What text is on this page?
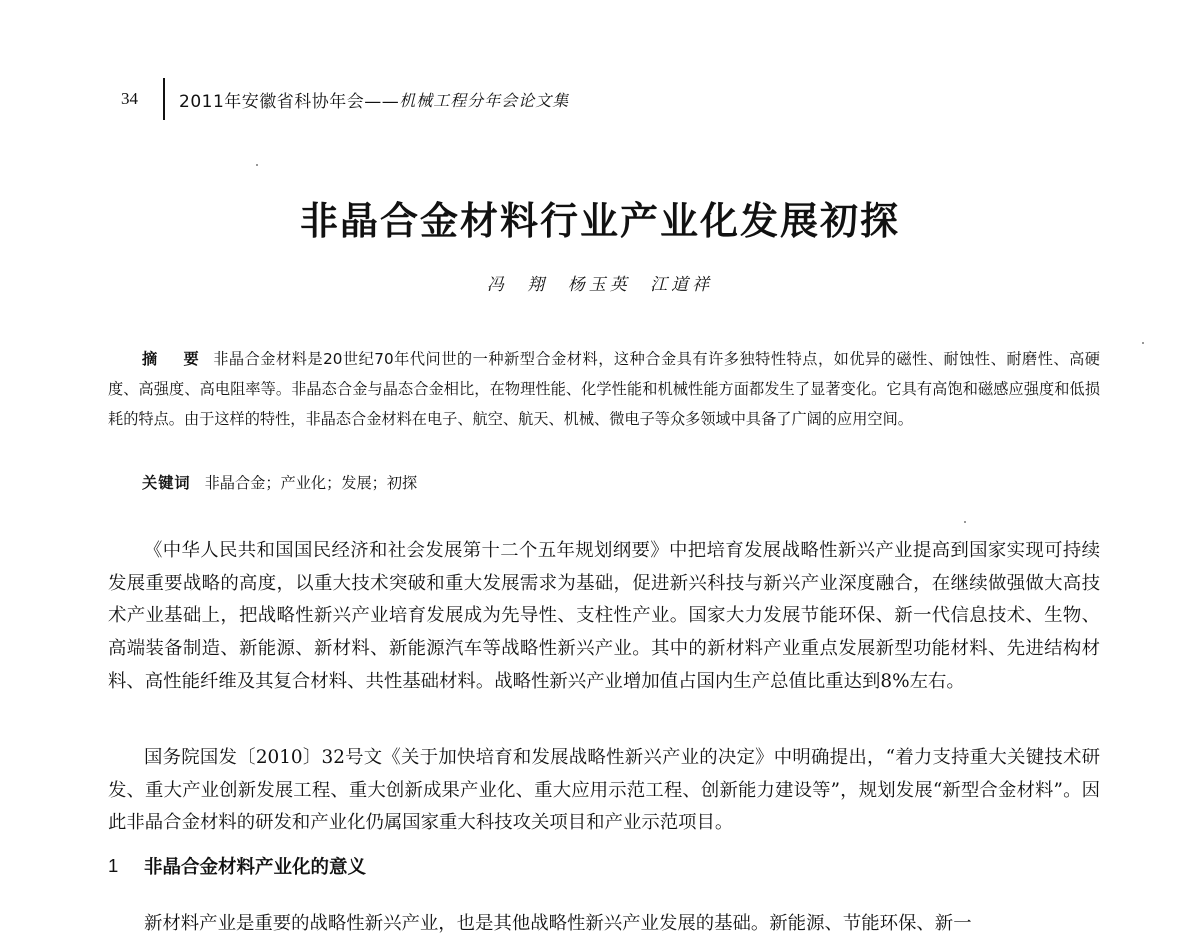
34	2011年安徽省科协年会—— 机械工程分年会论文集
非晶合金材料行业产业化发展初探
冯 翔 杨玉英 江道祥

摘 要 非晶合金材料是20世纪70年代问世的一种新型合金材料，这种合金具有许多独特性特点，如优异的磁性、耐蚀性、耐磨性、高硬度、高强度、高电阻率等。非晶态合金与晶态合金相比，在物理性能、化学性能和机械性能方面都发生了显著变化。它具有高饱和磁感应强度和低损耗的特点。由于这样的特性，非晶态合金材料在电子、航空、航天、机械、微电子等众多领域中具备了广阔的应用空间。

关键词 非晶合金；产业化；发展；初探

《中华人民共和国国民经济和社会发展第十二个五年规划纲要》中把培育发展战略性新兴产业提高到国家实现可持续发展重要战略的高度，以重大技术突破和重大发展需求为基础，促进新兴科技与新兴产业深度融合，在继续做强做大高技术产业基础上，把战略性新兴产业培育发展成为先导性、支柱性产业。国家大力发展节能环保、新一代信息技术、生物、高端装备制造、新能源、新材料、新能源汽车等战略性新兴产业。其中的新材料产业重点发展新型功能材料、先进结构材料、高性能纤维及其复合材料、共性基础材料。战略性新兴产业增加值占国内生产总值比重达到8%左右。

国务院国发〔2010〕32号文《关于加快培育和发展战略性新兴产业的决定》中明确提出，“着力支持重大关键技术研发、重大产业创新发展工程、重大创新成果产业化、重大应用示范工程、创新能力建设等”，规划发展“新型合金材料”。因此非晶合金材料的研发和产业化仍属国家重大科技攻关项目和产业示范项目。

1	非晶合金材料产业化的意义

新材料产业是重要的战略性新兴产业，也是其他战略性新兴产业发展的基础。新能源、节能环保、新一
